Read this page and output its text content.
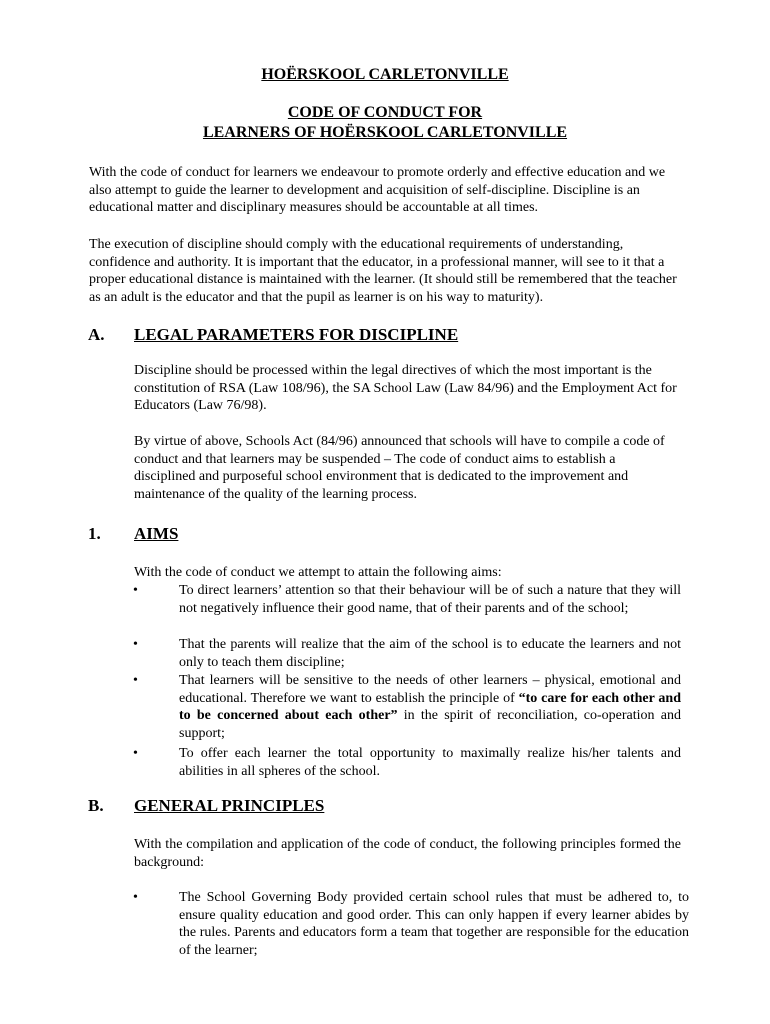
HOËRSKOOL CARLETONVILLE
CODE OF CONDUCT FOR
LEARNERS OF HOËRSKOOL CARLETONVILLE

With the code of conduct for learners we endeavour to promote orderly and effective education and we also attempt to guide the learner to development and acquisition of self-discipline. Discipline is an educational matter and disciplinary measures should be accountable at all times.

The execution of discipline should comply with the educational requirements of understanding, confidence and authority. It is important that the educator, in a professional manner, will see to it that a proper educational distance is maintained with the learner. (It should still be remembered that the teacher as an adult is the educator and that the pupil as learner is on his way to maturity).

A. LEGAL PARAMETERS FOR DISCIPLINE

Discipline should be processed within the legal directives of which the most important is the constitution of RSA (Law 108/96), the SA School Law (Law 84/96) and the Employment Act for Educators (Law 76/98).

By virtue of above, Schools Act (84/96) announced that schools will have to compile a code of conduct and that learners may be suspended – The code of conduct aims to establish a disciplined and purposeful school environment that is dedicated to the improvement and maintenance of the quality of the learning process.

1. AIMS

With the code of conduct we attempt to attain the following aims:

•	To direct learners’ attention so that their behaviour will be of such a nature that they will not negatively influence their good name, that of their parents and of the school;
•	That the parents will realize that the aim of the school is to educate the learners and not only to teach them discipline;
•	That learners will be sensitive to the needs of other learners – physical, emotional and educational. Therefore we want to establish the principle of “to care for each other and to be concerned about each other” in the spirit of reconciliation, co-operation and support;
•	To offer each learner the total opportunity to maximally realize his/her talents and abilities in all spheres of the school.
B. GENERAL PRINCIPLES

With the compilation and application of the code of conduct, the following principles formed the background:

•	The School Governing Body provided certain school rules that must be adhered to, to ensure quality education and good order. This can only happen if every learner abides by the rules. Parents and educators form a team that together are responsible for the education of the learner;
